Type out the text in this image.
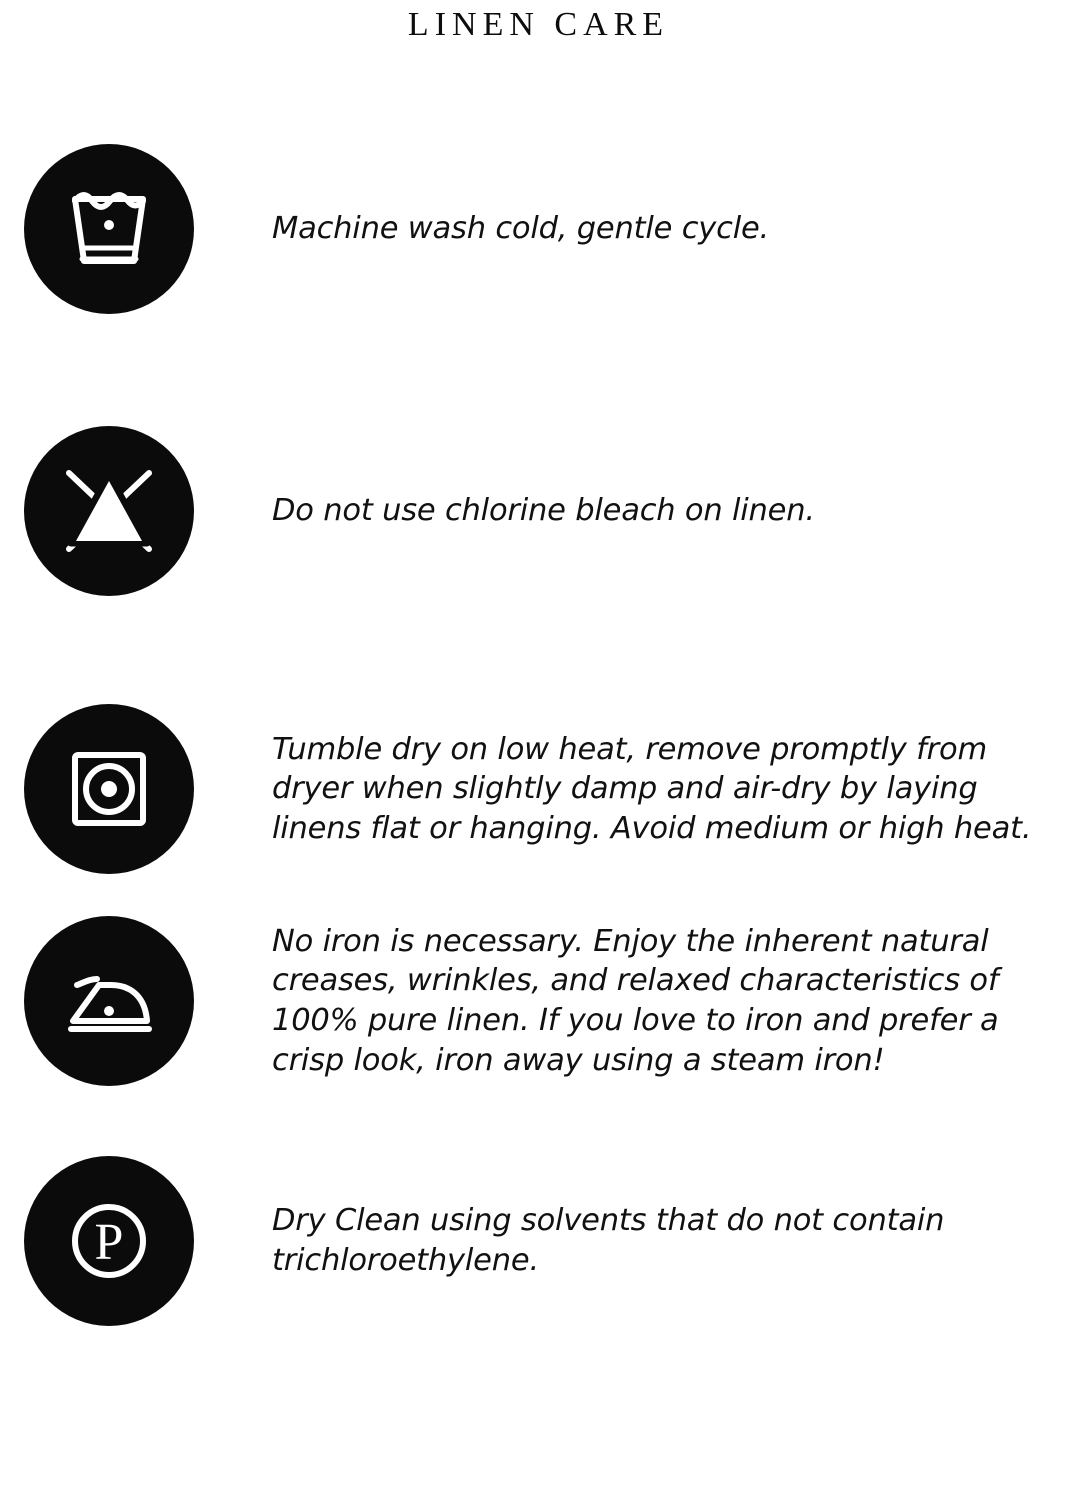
LINEN CARE

Machine wash cold, gentle cycle.

Do not use chlorine bleach on linen.

Tumble dry on low heat, remove promptly from dryer when slightly damp and air-dry by laying linens flat or hanging. Avoid medium or high heat.

No iron is necessary. Enjoy the inherent natural creases, wrinkles, and relaxed characteristics of 100% pure linen. If you love to iron and prefer a crisp look, iron away using a steam iron!

P	Dry Clean using solvents that do not contain trichloroethylene.
